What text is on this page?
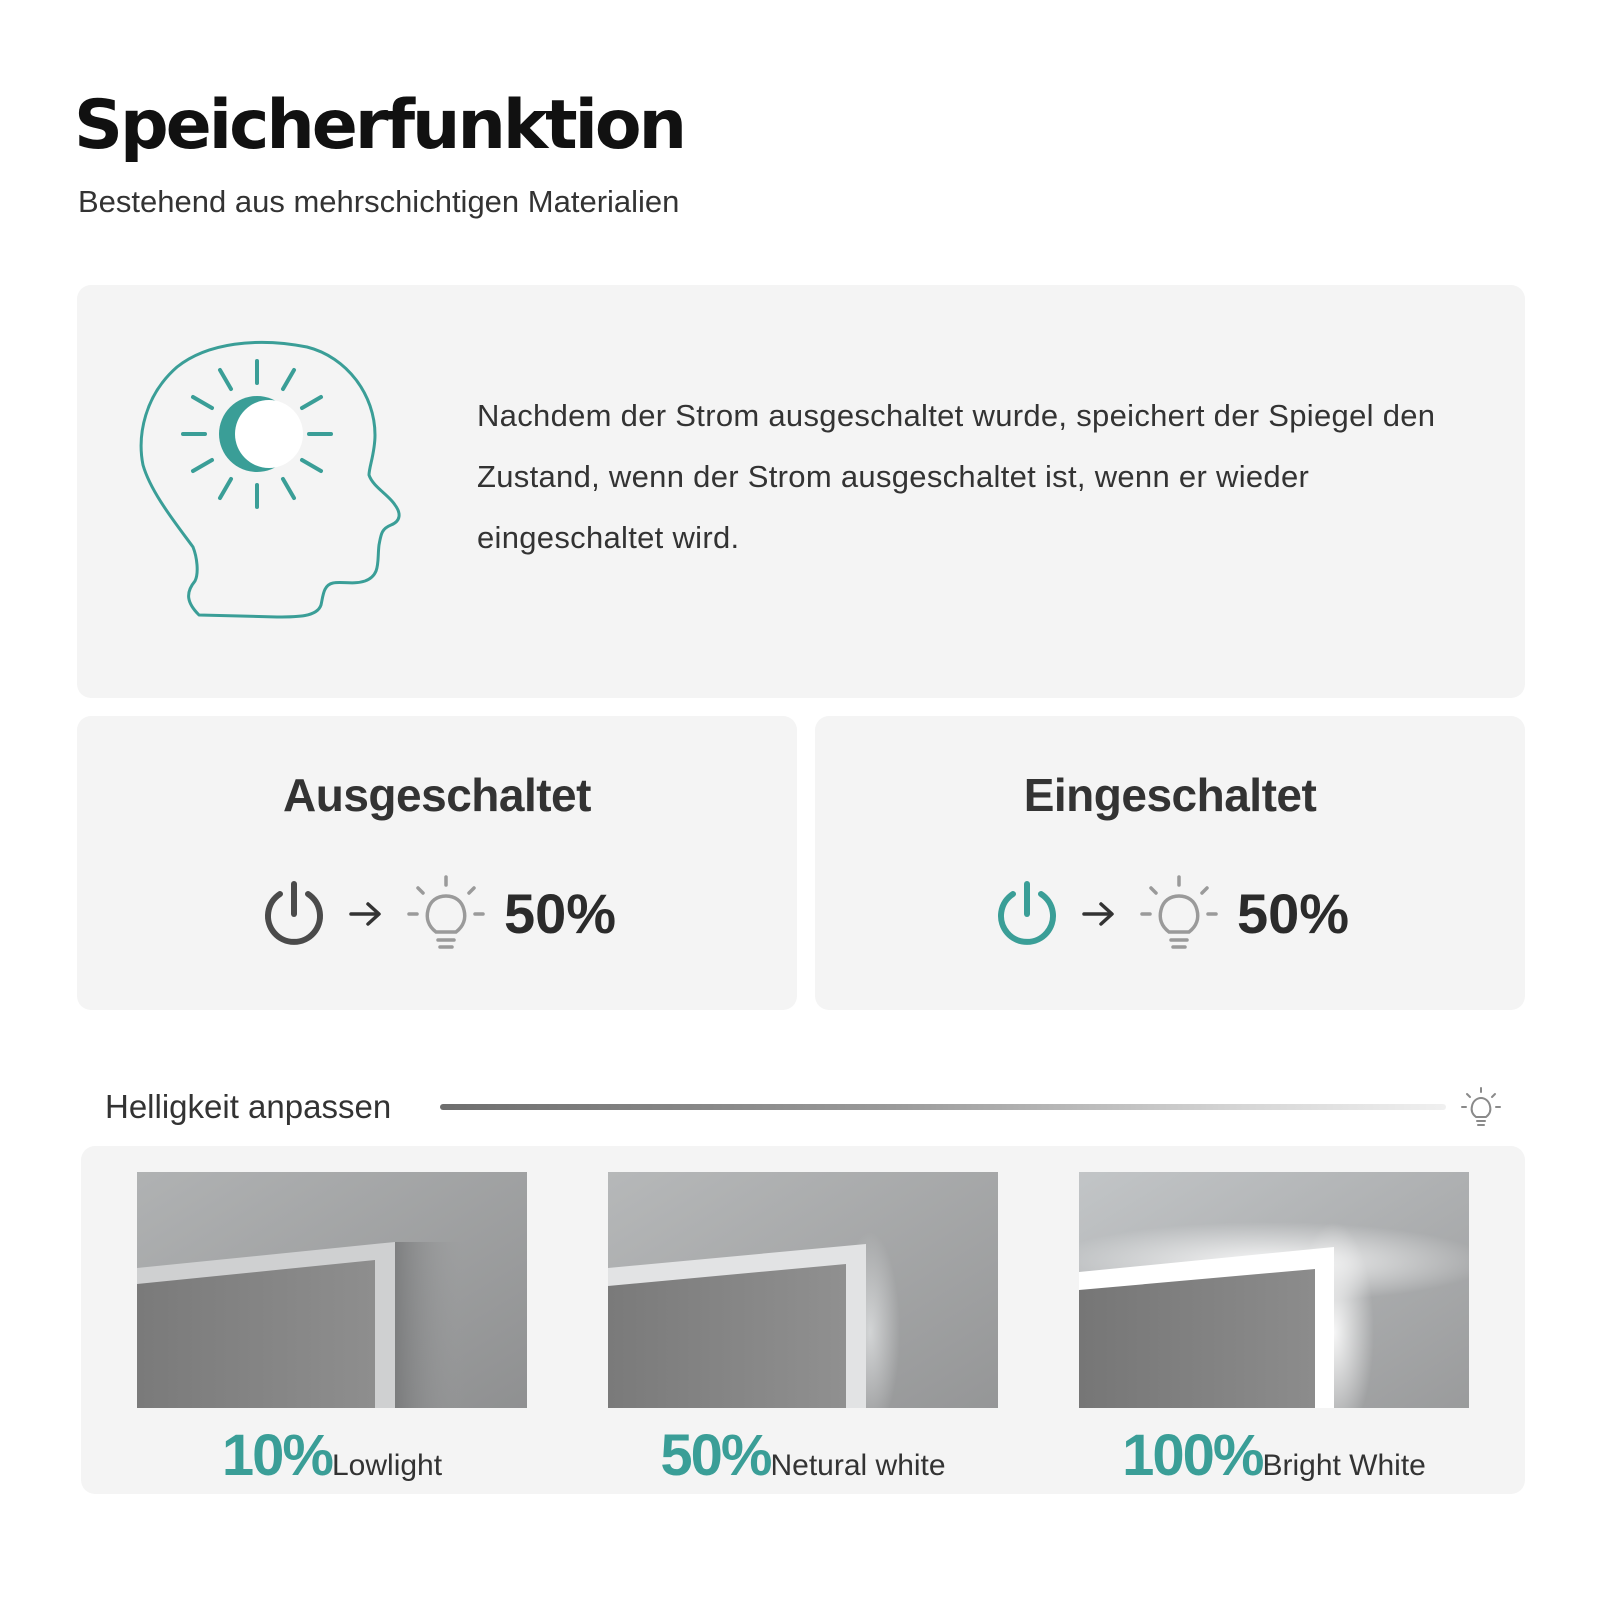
Speicherfunktion
Bestehend aus mehrschichtigen Materialien
Nachdem der Strom ausgeschaltet wurde, speichert der Spiegel den Zustand, wenn der Strom ausgeschaltet ist, wenn er wieder eingeschaltet wird.
Ausgeschaltet
50%
Eingeschaltet
50%
Helligkeit anpassen
10%Lowlight	50%Netural white	100%Bright White
